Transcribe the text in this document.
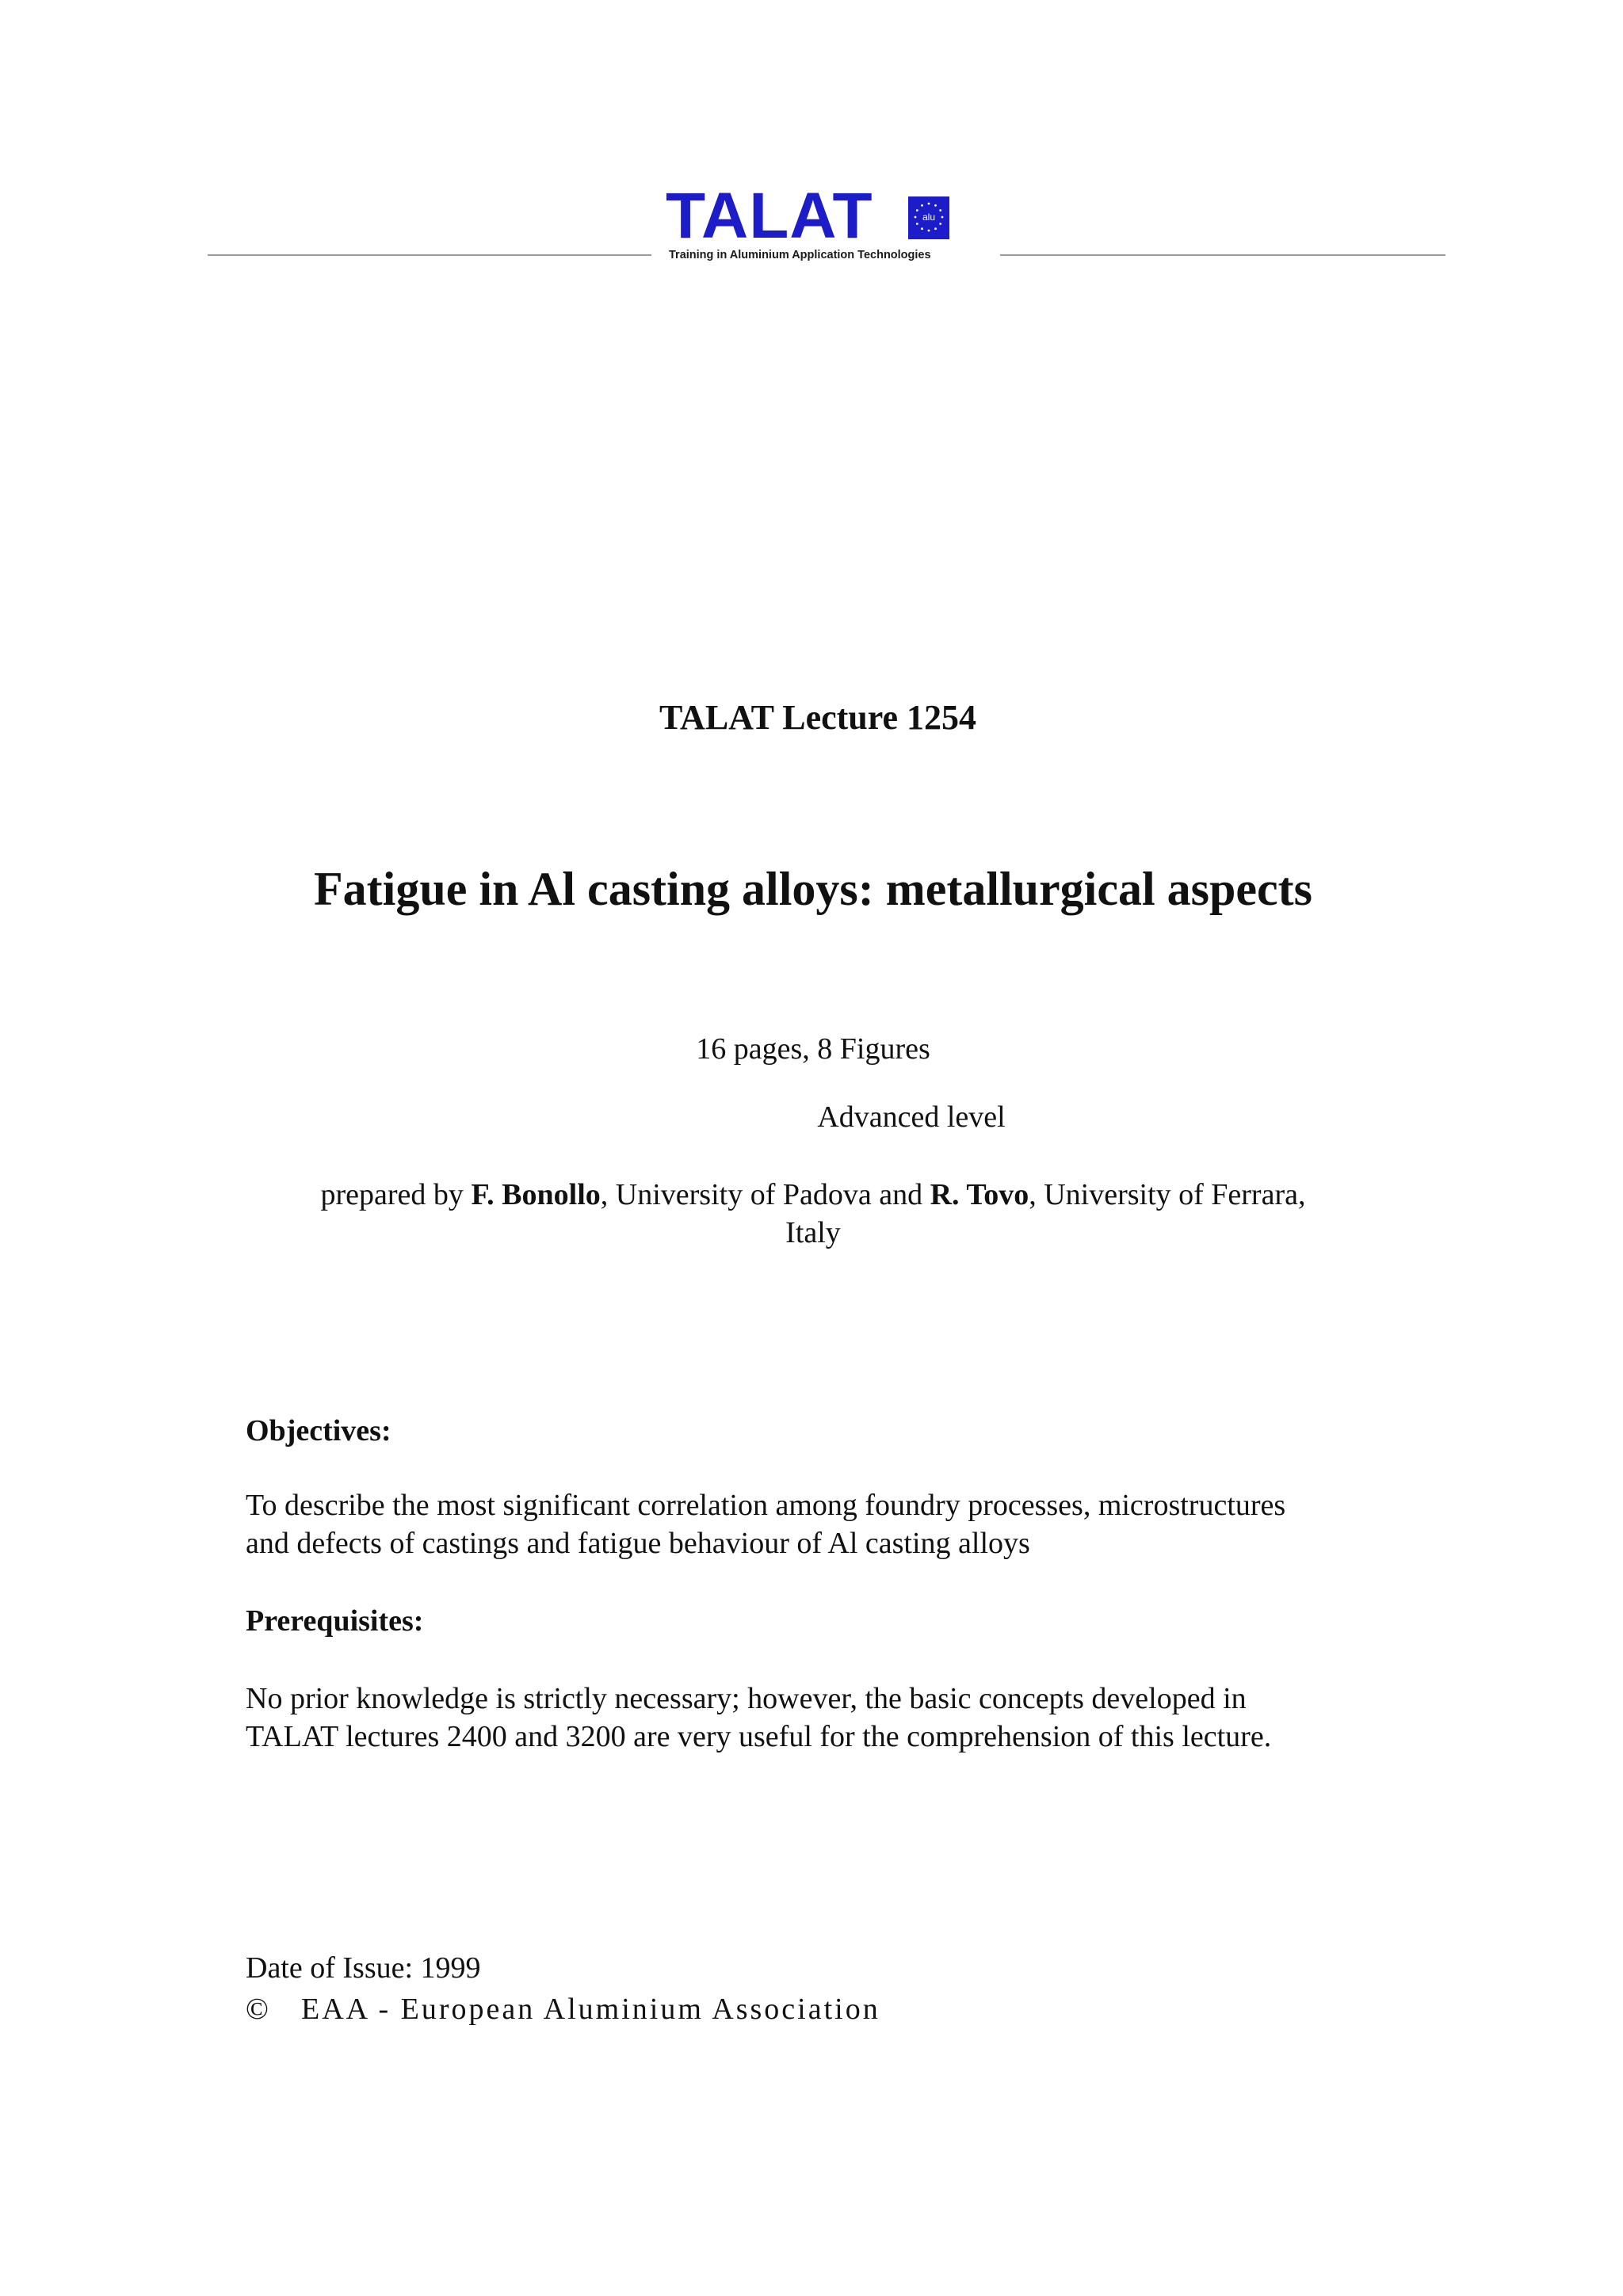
TALAT	alu
Training in Aluminium Application Technologies
TALAT Lecture 1254
Fatigue in Al casting alloys: metallurgical aspects
16 pages, 8 Figures
Advanced level
prepared by F. Bonollo, University of Padova and R. Tovo, University of Ferrara,
Italy
Objectives:
To describe the most significant correlation among foundry processes, microstructures
and defects of castings and fatigue behaviour of Al casting alloys
Prerequisites:
No prior knowledge is strictly necessary; however, the basic concepts developed in
TALAT lectures 2400 and 3200 are very useful for the comprehension of this lecture.
Date of Issue: 1999
© EAA - European Aluminium Association
